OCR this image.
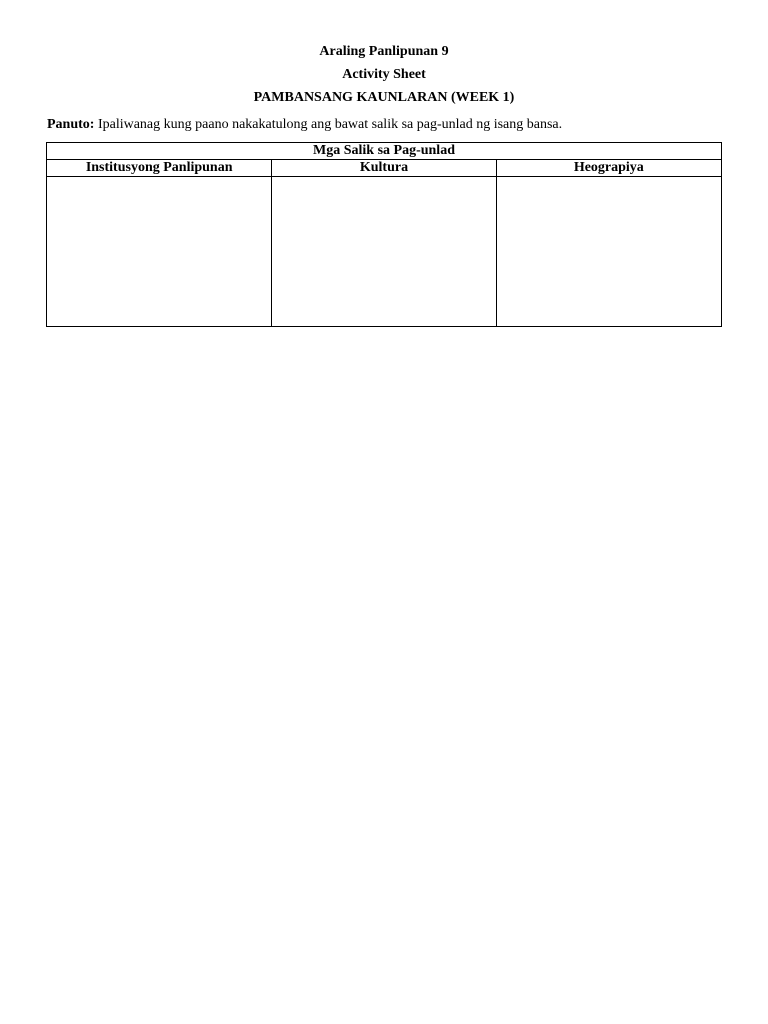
Araling Panlipunan 9
Activity Sheet
PAMBANSANG KAUNLARAN (WEEK 1)
Panuto: Ipaliwanag kung paano nakakatulong ang bawat salik sa pag-unlad ng isang bansa.
Mga Salik sa Pag-unlad		
Institusyong Panlipunan	Kultura	Heograpiya
